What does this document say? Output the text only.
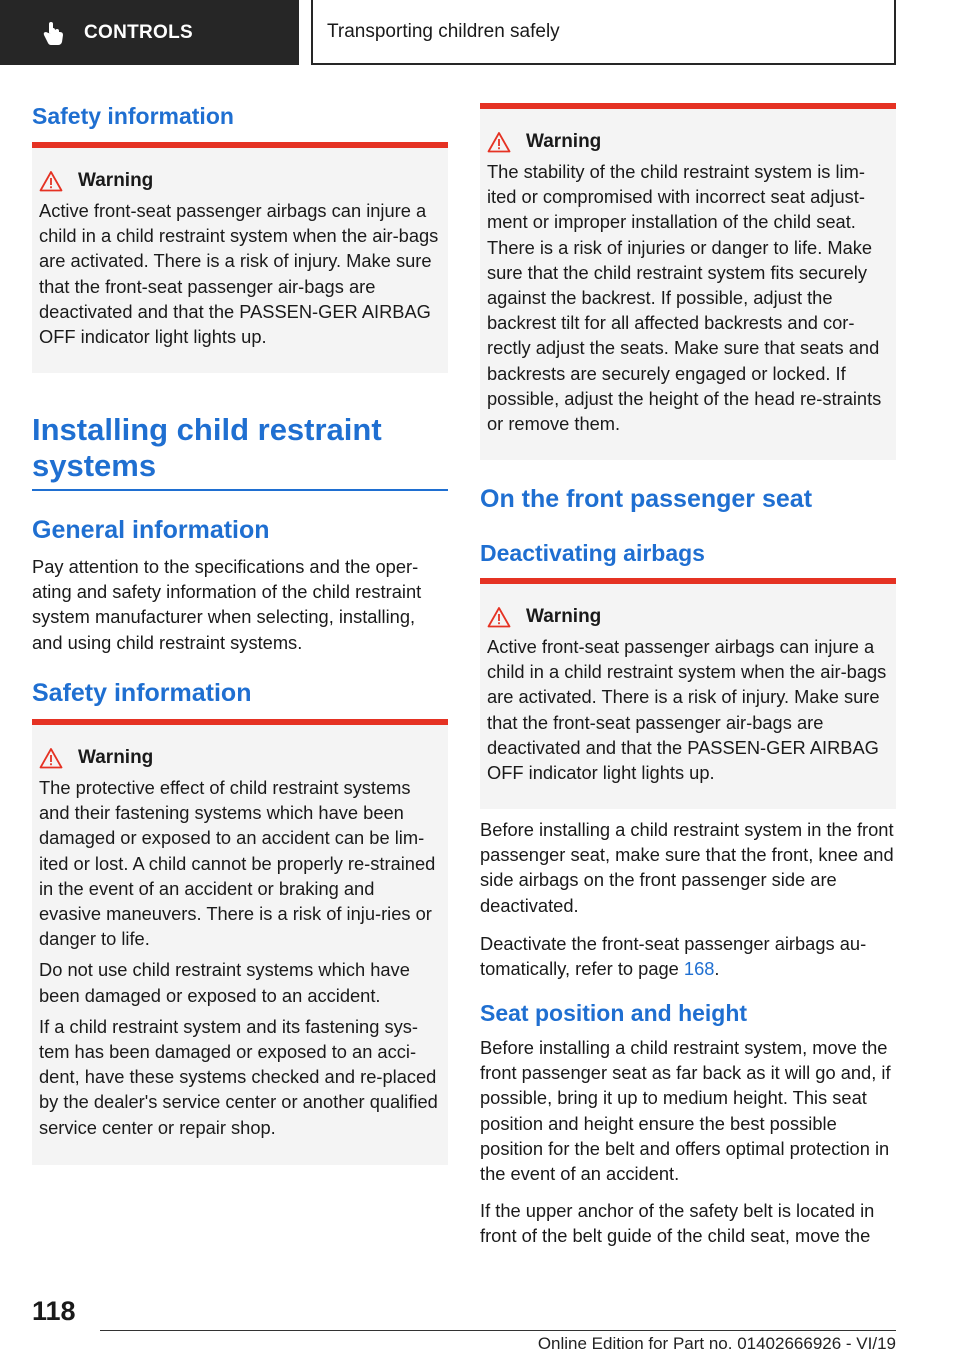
CONTROLS	Transporting children safely
Safety information
Warning

Active front-seat passenger airbags can injure a child in a child restraint system when the air-bags are activated. There is a risk of injury. Make sure that the front-seat passenger air-bags are deactivated and that the PASSEN-GER AIRBAG OFF indicator light lights up.

Installing child restraint systems
General information

Pay attention to the specifications and the oper-ating and safety information of the child restraint system manufacturer when selecting, installing, and using child restraint systems.

Safety information
Warning

The protective effect of child restraint systems and their fastening systems which have been damaged or exposed to an accident can be lim-ited or lost. A child cannot be properly re-strained in the event of an accident or braking and evasive maneuvers. There is a risk of inju-ries or danger to life.

Do not use child restraint systems which have been damaged or exposed to an accident.

If a child restraint system and its fastening sys-tem has been damaged or exposed to an acci-dent, have these systems checked and re-placed by the dealer's service center or another qualified service center or repair shop.

Warning

The stability of the child restraint system is lim-ited or compromised with incorrect seat adjust-ment or improper installation of the child seat. There is a risk of injuries or danger to life. Make sure that the child restraint system fits securely against the backrest. If possible, adjust the backrest tilt for all affected backrests and cor-rectly adjust the seats. Make sure that seats and backrests are securely engaged or locked. If possible, adjust the height of the head re-straints or remove them.

On the front passenger seat
Deactivating airbags
Warning

Active front-seat passenger airbags can injure a child in a child restraint system when the air-bags are activated. There is a risk of injury. Make sure that the front-seat passenger air-bags are deactivated and that the PASSEN-GER AIRBAG OFF indicator light lights up.

Before installing a child restraint system in the front passenger seat, make sure that the front, knee and side airbags on the front passenger side are deactivated.

Deactivate the front-seat passenger airbags au-tomatically, refer to page 168.

Seat position and height

Before installing a child restraint system, move the front passenger seat as far back as it will go and, if possible, bring it up to medium height. This seat position and height ensure the best possible position for the belt and offers optimal protection in the event of an accident.

If the upper anchor of the safety belt is located in front of the belt guide of the child seat, move the

118
Online Edition for Part no. 01402666926 - VI/19
